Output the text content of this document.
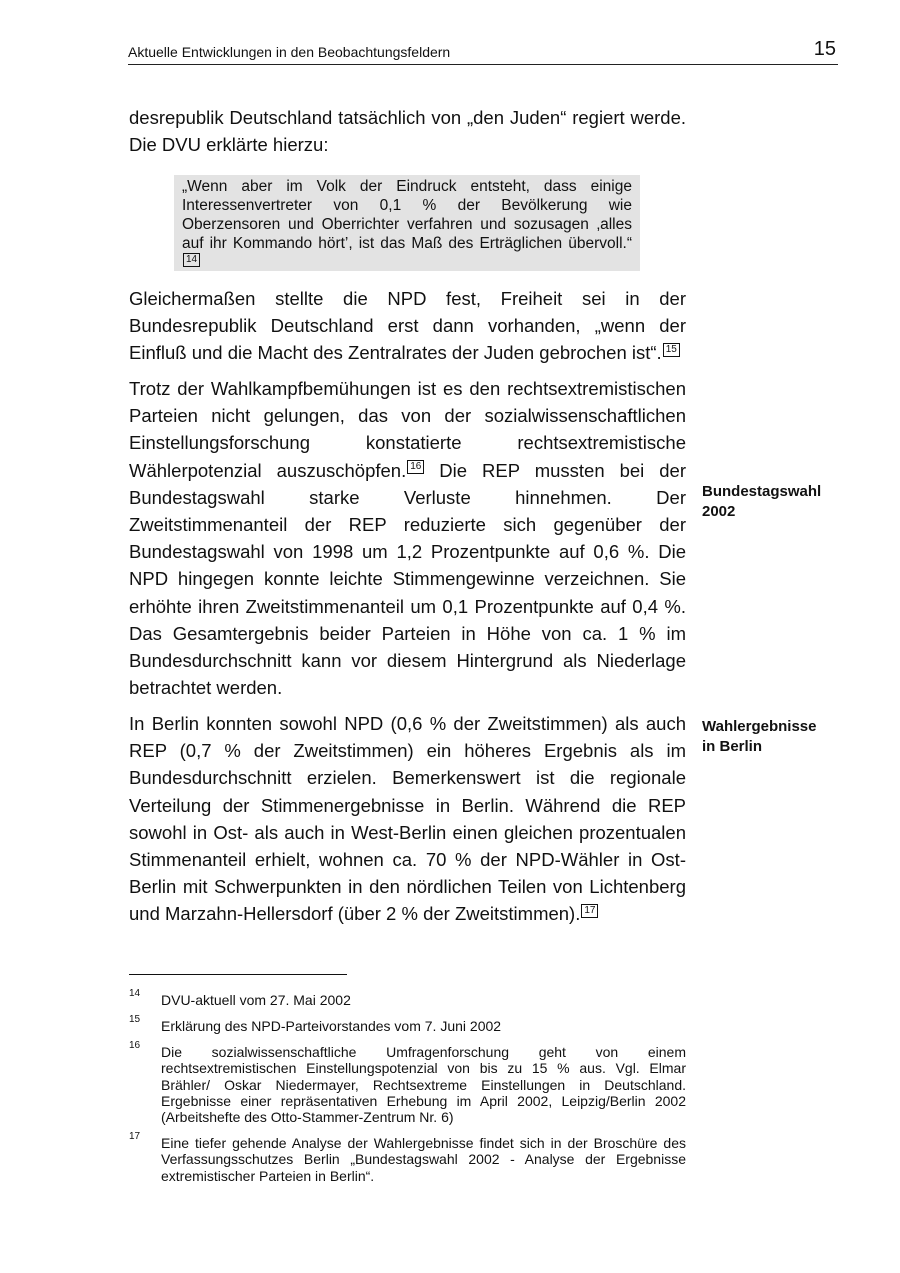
Aktuelle Entwicklungen in den Beobachtungsfeldern	15
desrepublik Deutschland tatsächlich von „den Juden“ regiert werde. Die DVU erklärte hierzu:
„Wenn aber im Volk der Eindruck entsteht, dass einige Interessenvertreter von 0,1 % der Bevölkerung wie Oberzensoren und Oberrichter verfahren und sozusagen ‚alles auf ihr Kommando hört’, ist das Maß des Erträglichen übervoll.“14
Gleichermaßen stellte die NPD fest, Freiheit sei in der Bundesrepublik Deutschland erst dann vorhanden, „wenn der Einfluß und die Macht des Zentralrates der Juden gebrochen ist“. 15
Trotz der Wahlkampfbemühungen ist es den rechtsextremistischen Parteien nicht gelungen, das von der sozialwissenschaftlichen Einstellungsforschung konstatierte rechtsextremistische Wählerpotenzial auszuschöpfen. 16 Die REP mussten bei der Bundestagswahl starke Verluste hinnehmen. Der Zweitstimmenanteil der REP reduzierte sich gegenüber der Bundestagswahl von 1998 um 1,2 Prozentpunkte auf 0,6 %. Die NPD hingegen konnte leichte Stimmengewinne verzeichnen. Sie erhöhte ihren Zweitstimmenanteil um 0,1 Prozentpunkte auf 0,4 %. Das Gesamtergebnis beider Parteien in Höhe von ca. 1 % im Bundesdurchschnitt kann vor diesem Hintergrund als Niederlage betrachtet werden.
In Berlin konnten sowohl NPD (0,6 % der Zweitstimmen) als auch REP (0,7 % der Zweitstimmen) ein höheres Ergebnis als im Bundesdurchschnitt erzielen. Bemerkenswert ist die regionale Verteilung der Stimmenergebnisse in Berlin. Während die REP sowohl in Ost- als auch in West-Berlin einen gleichen prozentualen Stimmenanteil erhielt, wohnen ca. 70 % der NPD-Wähler in Ost-Berlin mit Schwerpunkten in den nördlichen Teilen von Lichtenberg und Marzahn-Hellersdorf (über 2 % der Zweitstimmen). 17
Bundestagswahl
2002
Wahlergebnisse
in Berlin
14 DVU-aktuell vom 27. Mai 2002
15 Erklärung des NPD-Parteivorstandes vom 7. Juni 2002
16 Die sozialwissenschaftliche Umfragenforschung geht von einem rechtsextremistischen Einstellungspotenzial von bis zu 15 % aus. Vgl. Elmar Brähler/ Oskar Niedermayer, Rechtsextreme Einstellungen in Deutschland. Ergebnisse einer repräsentativen Erhebung im April 2002, Leipzig/Berlin 2002 (Arbeitshefte des Otto-Stammer-Zentrum Nr. 6)
17 Eine tiefer gehende Analyse der Wahlergebnisse findet sich in der Broschüre des Verfassungsschutzes Berlin „Bundestagswahl 2002 - Analyse der Ergebnisse extremistischer Parteien in Berlin“.
